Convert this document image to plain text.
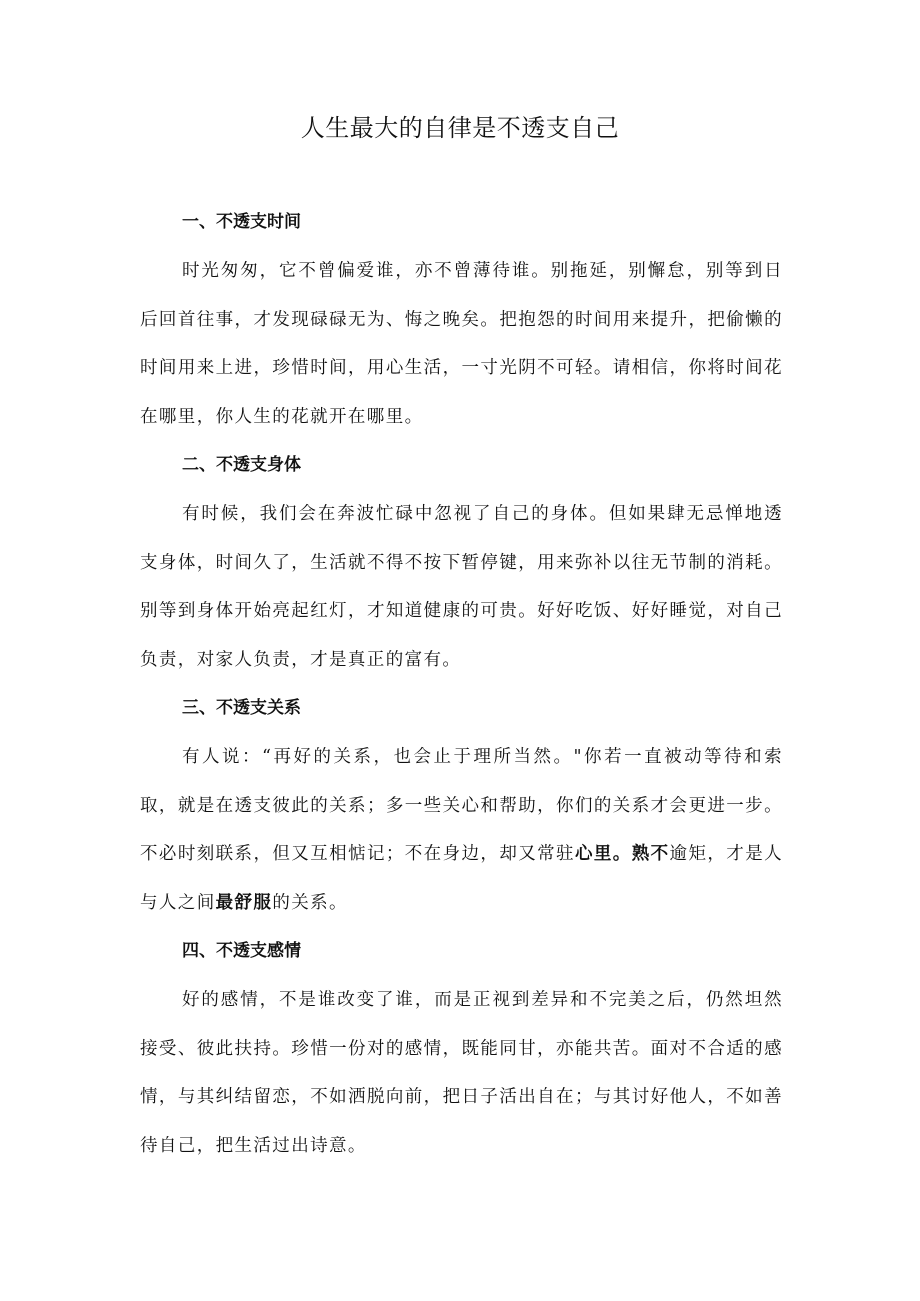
人生最大的自律是不透支自己
一、不透支时间

时光匆匆，它不曾偏爱谁，亦不曾薄待谁。别拖延，别懈怠，别等到日后回首往事，才发现碌碌无为、悔之晚矣。把抱怨的时间用来提升，把偷懒的时间用来上进，珍惜时间，用心生活，一寸光阴不可轻。请相信，你将时间花在哪里，你人生的花就开在哪里。

二、不透支身体

有时候，我们会在奔波忙碌中忽视了自己的身体。但如果肆无忌惮地透支身体，时间久了，生活就不得不按下暂停键，用来弥补以往无节制的消耗。别等到身体开始亮起红灯，才知道健康的可贵。好好吃饭、好好睡觉，对自己负责，对家人负责，才是真正的富有。

三、不透支关系

有人说：“再好的关系，也会止于理所当然。"你若一直被动等待和索取，就是在透支彼此的关系；多一些关心和帮助，你们的关系才会更进一步。不必时刻联系，但又互相惦记；不在身边，却又常驻心里。熟不逾矩，才是人与人之间最舒服的关系。

四、不透支感情

好的感情，不是谁改变了谁，而是正视到差异和不完美之后，仍然坦然接受、彼此扶持。珍惜一份对的感情，既能同甘，亦能共苦。面对不合适的感情，与其纠结留恋，不如洒脱向前，把日子活出自在；与其讨好他人，不如善待自己，把生活过出诗意。
